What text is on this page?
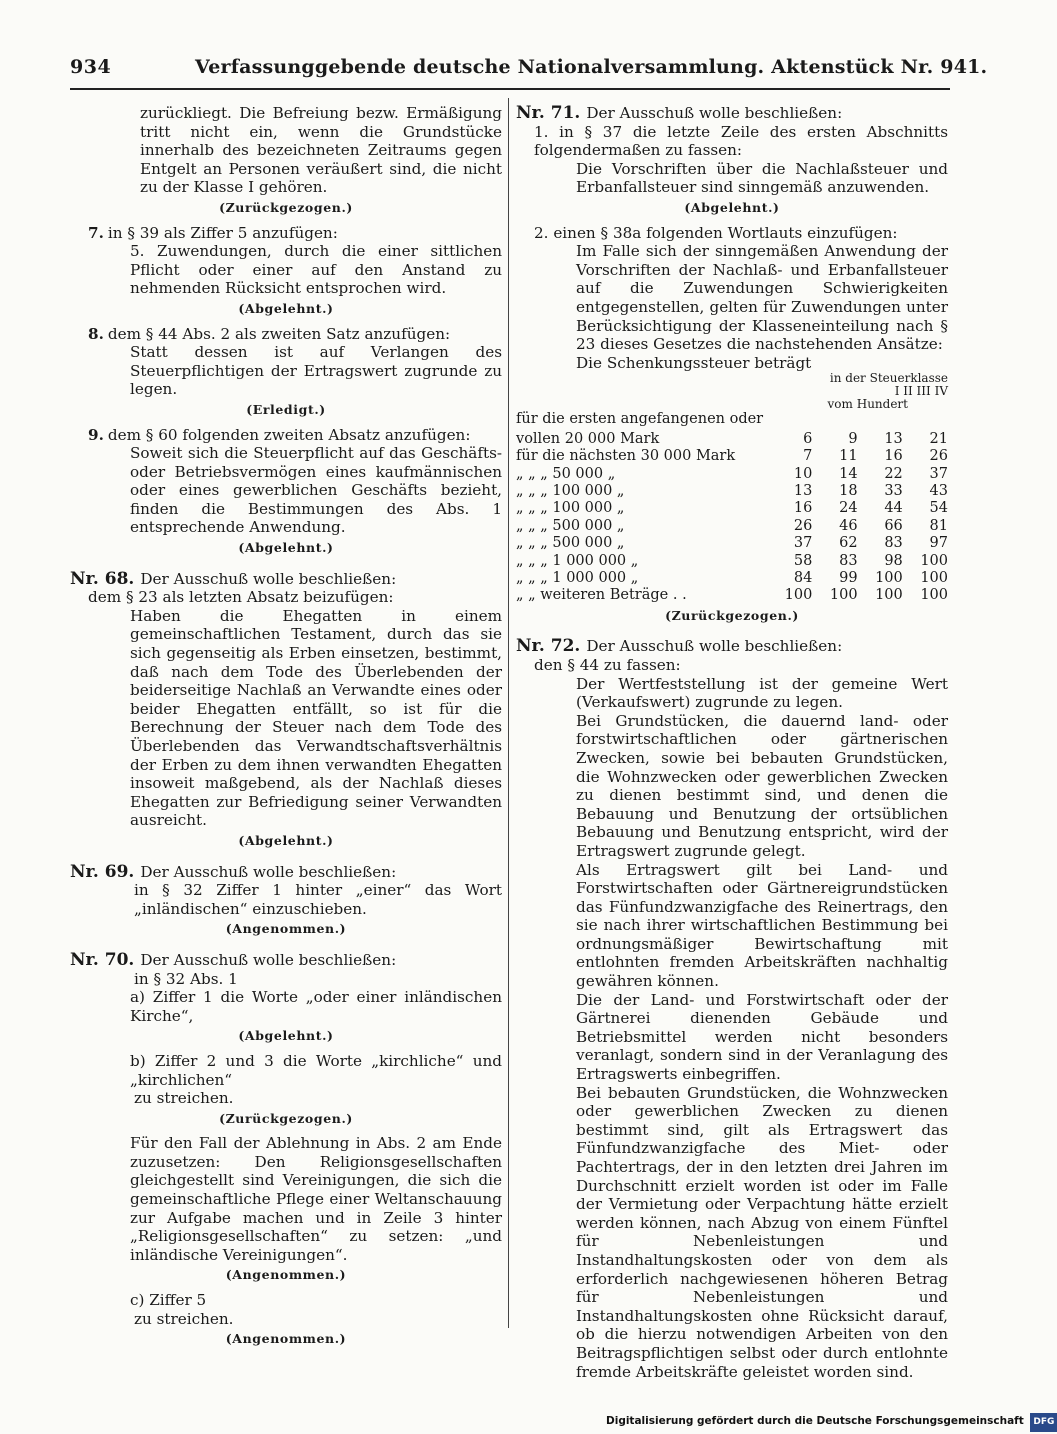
934	Verfassunggebende deutsche Nationalversammlung. Aktenstück Nr. 941.

zurückliegt. Die Befreiung bezw. Ermäßigung tritt nicht ein, wenn die Grundstücke innerhalb des bezeichneten Zeitraums gegen Entgelt an Personen veräußert sind, die nicht zu der Klasse I gehören.

(Zurückgezogen.)

7. in § 39 als Ziffer 5 anzufügen:

5. Zuwendungen, durch die einer sittlichen Pflicht oder einer auf den Anstand zu nehmenden Rücksicht entsprochen wird.

(Abgelehnt.)

8. dem § 44 Abs. 2 als zweiten Satz anzufügen:

Statt dessen ist auf Verlangen des Steuerpflichtigen der Ertragswert zugrunde zu legen.

(Erledigt.)

9. dem § 60 folgenden zweiten Absatz anzufügen:

Soweit sich die Steuerpflicht auf das Geschäfts- oder Betriebsvermögen eines kaufmännischen oder eines gewerblichen Geschäfts bezieht, finden die Bestimmungen des Abs. 1 entsprechende Anwendung.

(Abgelehnt.)

Nr. 68. Der Ausschuß wolle beschließen:

dem § 23 als letzten Absatz beizufügen:

Haben die Ehegatten in einem gemeinschaftlichen Testament, durch das sie sich gegenseitig als Erben einsetzen, bestimmt, daß nach dem Tode des Überlebenden der beiderseitige Nachlaß an Verwandte eines oder beider Ehegatten entfällt, so ist für die Berechnung der Steuer nach dem Tode des Überlebenden das Verwandtschaftsverhältnis der Erben zu dem ihnen verwandten Ehegatten insoweit maßgebend, als der Nachlaß dieses Ehegatten zur Befriedigung seiner Verwandten ausreicht.

(Abgelehnt.)

Nr. 69. Der Ausschuß wolle beschließen:

in § 32 Ziffer 1 hinter „einer“ das Wort „inländischen“ einzuschieben.

(Angenommen.)

Nr. 70. Der Ausschuß wolle beschließen:

in § 32 Abs. 1

a) Ziffer 1 die Worte „oder einer inländischen Kirche“,

(Abgelehnt.)

b) Ziffer 2 und 3 die Worte „kirchliche“ und „kirchlichen“

zu streichen.

(Zurückgezogen.)

Für den Fall der Ablehnung in Abs. 2 am Ende zuzusetzen: Den Religionsgesellschaften gleichgestellt sind Vereinigungen, die sich die gemeinschaftliche Pflege einer Weltanschauung zur Aufgabe machen und in Zeile 3 hinter „Religionsgesellschaften“ zu setzen: „und inländische Vereinigungen“.

(Angenommen.)

c) Ziffer 5

zu streichen.

(Angenommen.)

Nr. 71. Der Ausschuß wolle beschließen:

1. in § 37 die letzte Zeile des ersten Abschnitts folgendermaßen zu fassen:

Die Vorschriften über die Nachlaßsteuer und Erbanfallsteuer sind sinngemäß anzuwenden.

(Abgelehnt.)

2. einen § 38a folgenden Wortlauts einzufügen:

Im Falle sich der sinngemäßen Anwendung der Vorschriften der Nachlaß- und Erbanfallsteuer auf die Zuwendungen Schwierigkeiten entgegenstellen, gelten für Zuwendungen unter Berücksichtigung der Klasseneinteilung nach § 23 dieses Gesetzes die nachstehenden Ansätze:

Die Schenkungssteuer beträgt

in der Steuerklasse
I II III IV
vom Hundert
für die ersten angefangenen oder
vollen 20 000 Mark	6	9	13	21
für die nächsten 30 000 Mark	7	11	16	26
„ „ „ 50 000 „	10	14	22	37
„ „ „ 100 000 „	13	18	33	43
„ „ „ 100 000 „	16	24	44	54
„ „ „ 500 000 „	26	46	66	81
„ „ „ 500 000 „	37	62	83	97
„ „ „ 1 000 000 „	58	83	98	100
„ „ „ 1 000 000 „	84	99	100	100
„ „ weiteren Beträge . .	100	100	100	100
(Zurückgezogen.)

Nr. 72. Der Ausschuß wolle beschließen:

den § 44 zu fassen:

Der Wertfeststellung ist der gemeine Wert (Verkaufswert) zugrunde zu legen.

Bei Grundstücken, die dauernd land- oder forstwirtschaftlichen oder gärtnerischen Zwecken, sowie bei bebauten Grundstücken, die Wohnzwecken oder gewerblichen Zwecken zu dienen bestimmt sind, und denen die Bebauung und Benutzung der ortsüblichen Bebauung und Benutzung entspricht, wird der Ertragswert zugrunde gelegt.

Als Ertragswert gilt bei Land- und Forstwirtschaften oder Gärtnereigrundstücken das Fünfundzwanzigfache des Reinertrags, den sie nach ihrer wirtschaftlichen Bestimmung bei ordnungsmäßiger Bewirtschaftung mit entlohnten fremden Arbeitskräften nachhaltig gewähren können.

Die der Land- und Forstwirtschaft oder der Gärtnerei dienenden Gebäude und Betriebsmittel werden nicht besonders veranlagt, sondern sind in der Veranlagung des Ertragswerts einbegriffen.

Bei bebauten Grundstücken, die Wohnzwecken oder gewerblichen Zwecken zu dienen bestimmt sind, gilt als Ertragswert das Fünfundzwanzigfache des Miet- oder Pachtertrags, der in den letzten drei Jahren im Durchschnitt erzielt worden ist oder im Falle der Vermietung oder Verpachtung hätte erzielt werden können, nach Abzug von einem Fünftel für Nebenleistungen und Instandhaltungskosten oder von dem als erforderlich nachgewiesenen höheren Betrag für Nebenleistungen und Instandhaltungskosten ohne Rücksicht darauf, ob die hierzu notwendigen Arbeiten von den Beitragspflichtigen selbst oder durch entlohnte fremde Arbeitskräfte geleistet worden sind.

Digitalisierung gefördert durch die Deutsche Forschungsgemeinschaft DFG
